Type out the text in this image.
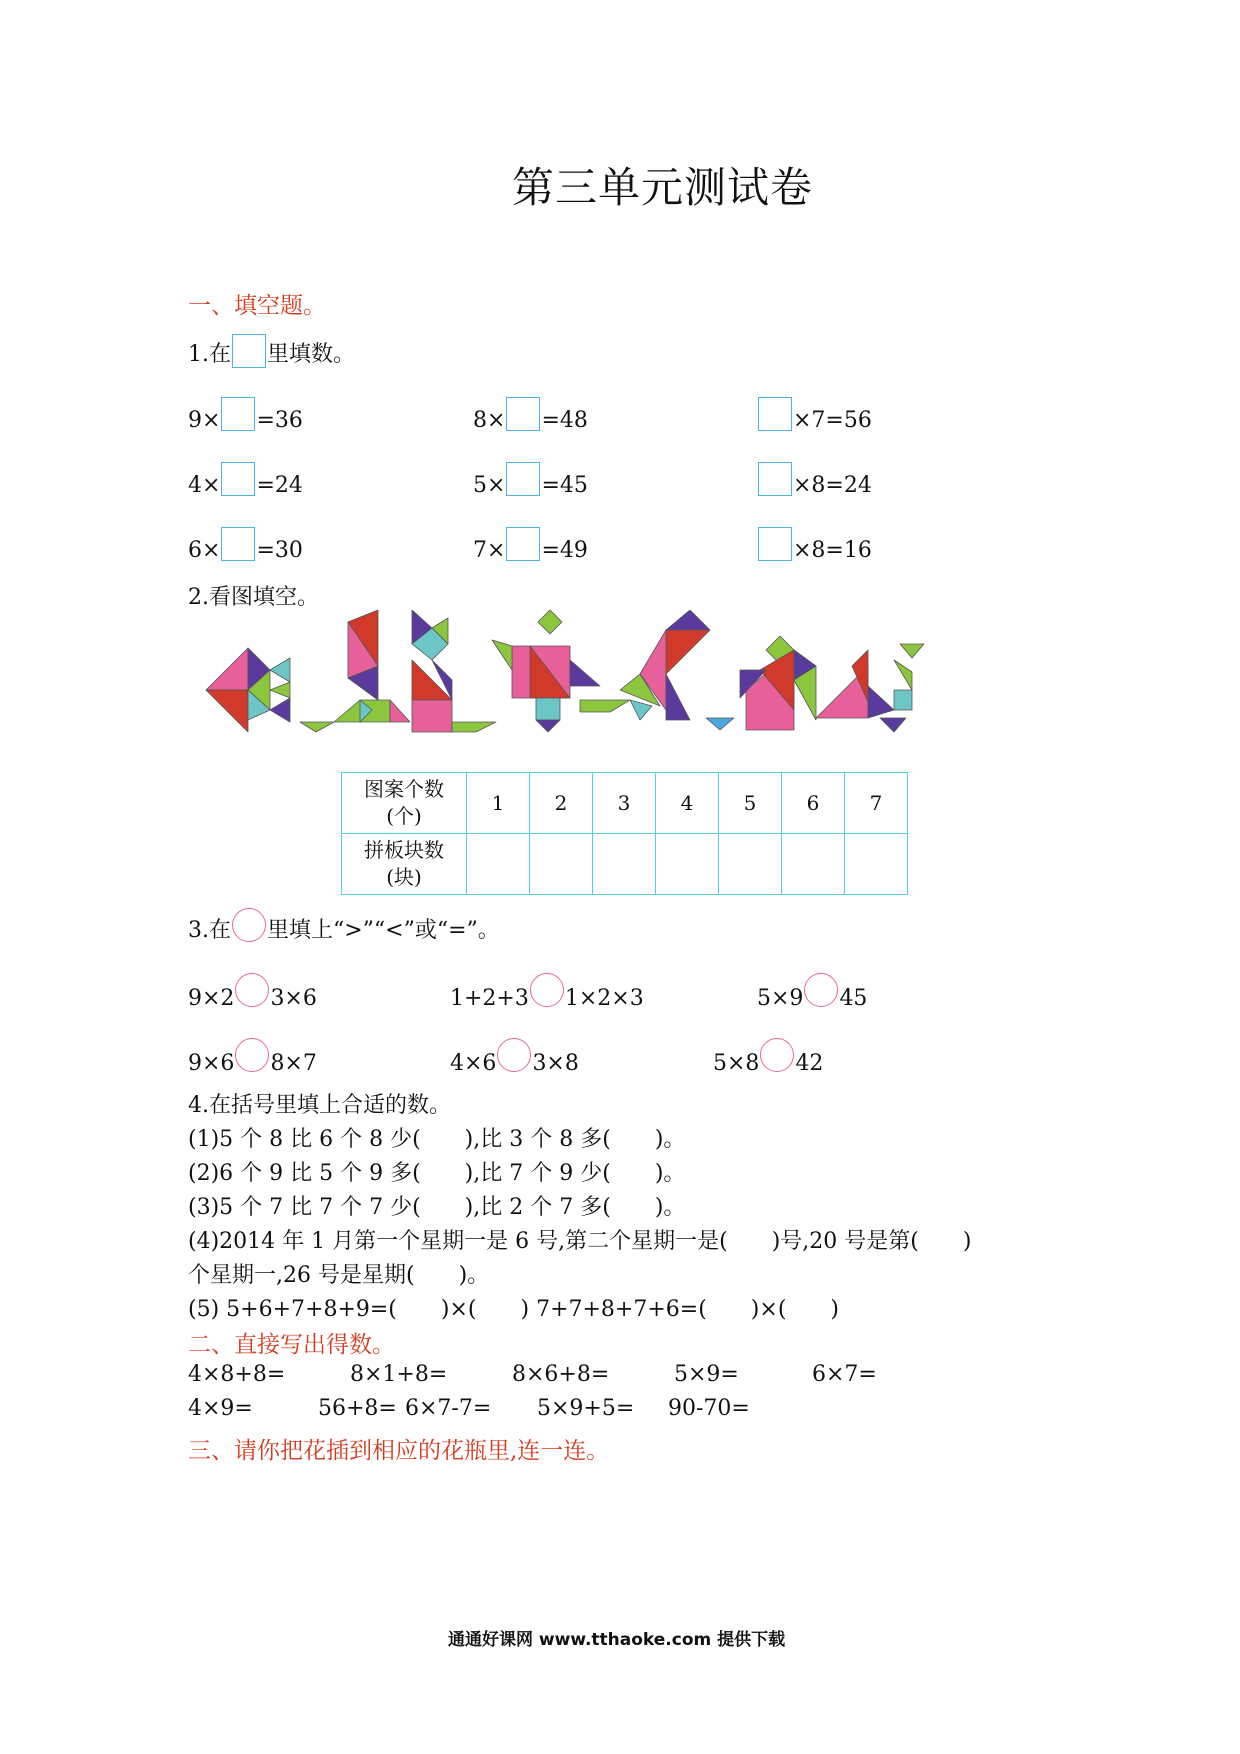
第三单元测试卷
一、填空题。
1.在 里填数。
9× =36	8× =48	×7=56
4× =24	5× =45	×8=24
6× =30	7× =49	×8=16
2.看图填空。
图案个数
(个)	1	2	3	4	5	6	7
拼板块数
(块)							
3.在 里填上“>”“<”或“=”。
9×2 3×6	1+2+3 1×2×3	5×9 45
9×6 8×7	4×6 3×8	5×8 42
4.在括号里填上合适的数。
(1)5 个 8 比 6 个 8 少(　　),比 3 个 8 多(　　)。
(2)6 个 9 比 5 个 9 多(　　),比 7 个 9 少(　　)。
(3)5 个 7 比 7 个 7 少(　　),比 2 个 7 多(　　)。
(4)2014 年 1 月第一个星期一是 6 号,第二个星期一是(　　)号,20 号是第(　　)
个星期一,26 号是星期(　　)。
(5) 5+6+7+8+9=(　　)×(　　) 7+7+8+7+6=(　　)×(　　)
二、直接写出得数。
4×8+8=	8×1+8=	8×6+8=	5×9=	6×7=
4×9=	56+8= 6×7-7= 5×9+5= 90-70=
三、请你把花插到相应的花瓶里,连一连。
通通好课网 www.tthaoke.com 提供下载
